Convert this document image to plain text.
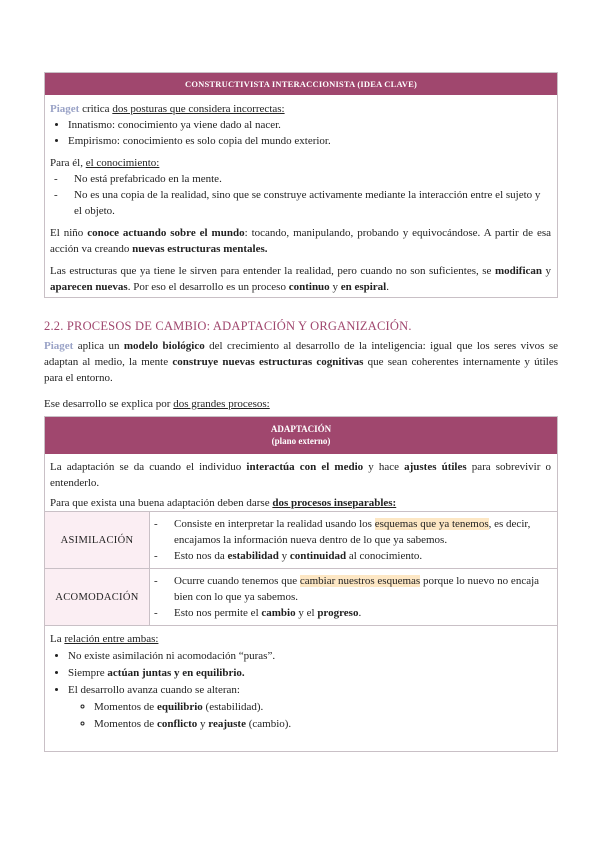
CONSTRUCTIVISTA INTERACCIONISTA (IDEA CLAVE)

Piaget critica dos posturas que considera incorrectas:

• Innatismo: conocimiento ya viene dado al nacer.
• Empirismo: conocimiento es solo copia del mundo exterior.

Para él, el conocimiento:

- No está prefabricado en la mente.
- No es una copia de la realidad, sino que se construye activamente mediante la interacción entre el sujeto y el objeto.

El niño conoce actuando sobre el mundo: tocando, manipulando, probando y equivocándose. A partir de esa acción va creando nuevas estructuras mentales.

Las estructuras que ya tiene le sirven para entender la realidad, pero cuando no son suficientes, se modifican y aparecen nuevas. Por eso el desarrollo es un proceso continuo y en espiral.

2.2. PROCESOS DE CAMBIO: ADAPTACIÓN Y ORGANIZACIÓN.

Piaget aplica un modelo biológico del crecimiento al desarrollo de la inteligencia: igual que los seres vivos se adaptan al medio, la mente construye nuevas estructuras cognitivas que sean coherentes internamente y útiles para el entorno.

Ese desarrollo se explica por dos grandes procesos:

ADAPTACIÓN
(plano externo)

La adaptación se da cuando el individuo interactúa con el medio y hace ajustes útiles para sobrevivir o entenderlo.

Para que exista una buena adaptación deben darse dos procesos inseparables:

ASIMILACIÓN
- Consiste en interpretar la realidad usando los esquemas que ya tenemos, es decir, encajamos la información nueva dentro de lo que ya sabemos.
- Esto nos da estabilidad y continuidad al conocimiento.
ACOMODACIÓN
- Ocurre cuando tenemos que cambiar nuestros esquemas porque lo nuevo no encaja bien con lo que ya sabemos.
- Esto nos permite el cambio y el progreso.

La relación entre ambas:

• No existe asimilación ni acomodación “puras”.
• Siempre actúan juntas y en equilibrio.
• El desarrollo avanza cuando se alteran:
◦ Momentos de equilibrio (estabilidad).
◦ Momentos de conflicto y reajuste (cambio).
